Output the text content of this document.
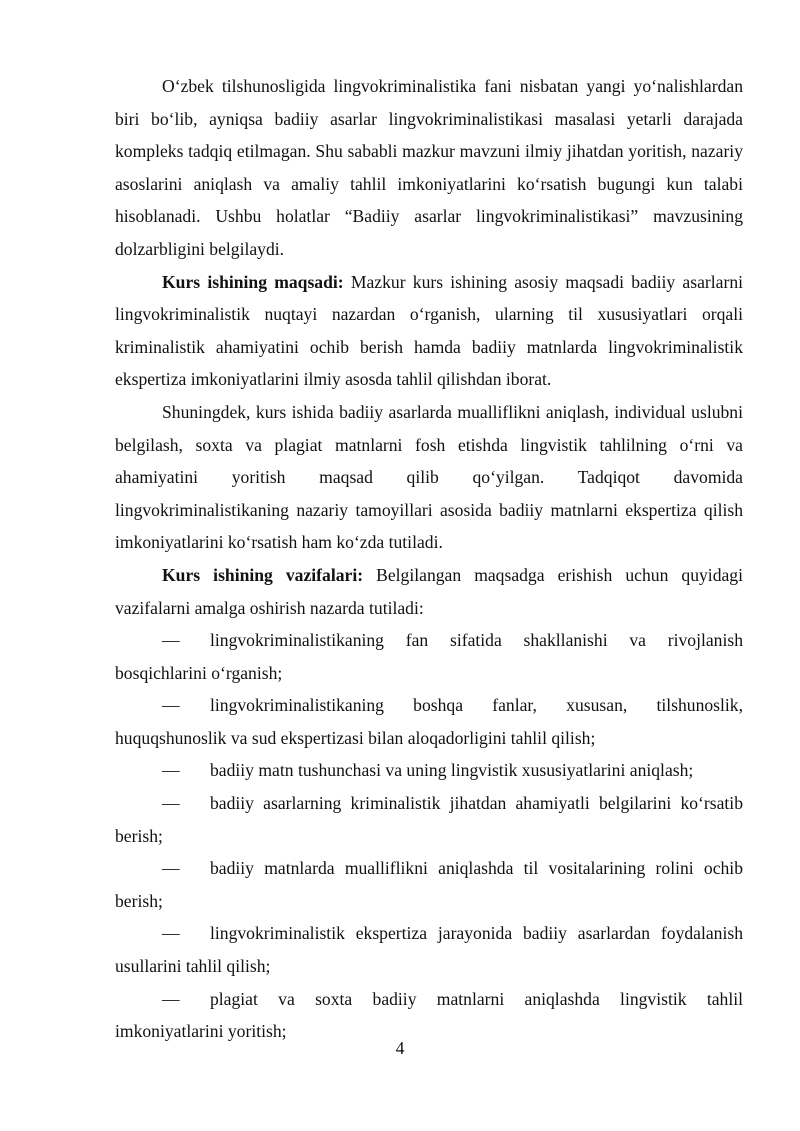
O‘zbek tilshunosligida lingvokriminalistika fani nisbatan yangi yo‘nalishlardan biri bo‘lib, ayniqsa badiiy asarlar lingvokriminalistikasi masalasi yetarli darajada kompleks tadqiq etilmagan. Shu sababli mazkur mavzuni ilmiy jihatdan yoritish, nazariy asoslarini aniqlash va amaliy tahlil imkoniyatlarini ko‘rsatish bugungi kun talabi hisoblanadi. Ushbu holatlar “Badiiy asarlar lingvokriminalistikasi” mavzusining dolzarbligini belgilaydi.

Kurs ishining maqsadi: Mazkur kurs ishining asosiy maqsadi badiiy asarlarni lingvokriminalistik nuqtayi nazardan o‘rganish, ularning til xususiyatlari orqali kriminalistik ahamiyatini ochib berish hamda badiiy matnlarda lingvokriminalistik ekspertiza imkoniyatlarini ilmiy asosda tahlil qilishdan iborat.

Shuningdek, kurs ishida badiiy asarlarda mualliflikni aniqlash, individual uslubni belgilash, soxta va plagiat matnlarni fosh etishda lingvistik tahlilning o‘rni va ahamiyatini yoritish maqsad qilib qo‘yilgan. Tadqiqot davomida lingvokriminalistikaning nazariy tamoyillari asosida badiiy matnlarni ekspertiza qilish imkoniyatlarini ko‘rsatish ham ko‘zda tutiladi.

Kurs ishining vazifalari: Belgilangan maqsadga erishish uchun quyidagi vazifalarni amalga oshirish nazarda tutiladi:

— lingvokriminalistikaning fan sifatida shakllanishi va rivojlanish bosqichlarini o‘rganish;

— lingvokriminalistikaning boshqa fanlar, xususan, tilshunoslik, huquqshunoslik va sud ekspertizasi bilan aloqadorligini tahlil qilish;

— badiiy matn tushunchasi va uning lingvistik xususiyatlarini aniqlash;

— badiiy asarlarning kriminalistik jihatdan ahamiyatli belgilarini ko‘rsatib berish;

— badiiy matnlarda mualliflikni aniqlashda til vositalarining rolini ochib berish;

— lingvokriminalistik ekspertiza jarayonida badiiy asarlardan foydalanish usullarini tahlil qilish;

— plagiat va soxta badiiy matnlarni aniqlashda lingvistik tahlil imkoniyatlarini yoritish;

4
